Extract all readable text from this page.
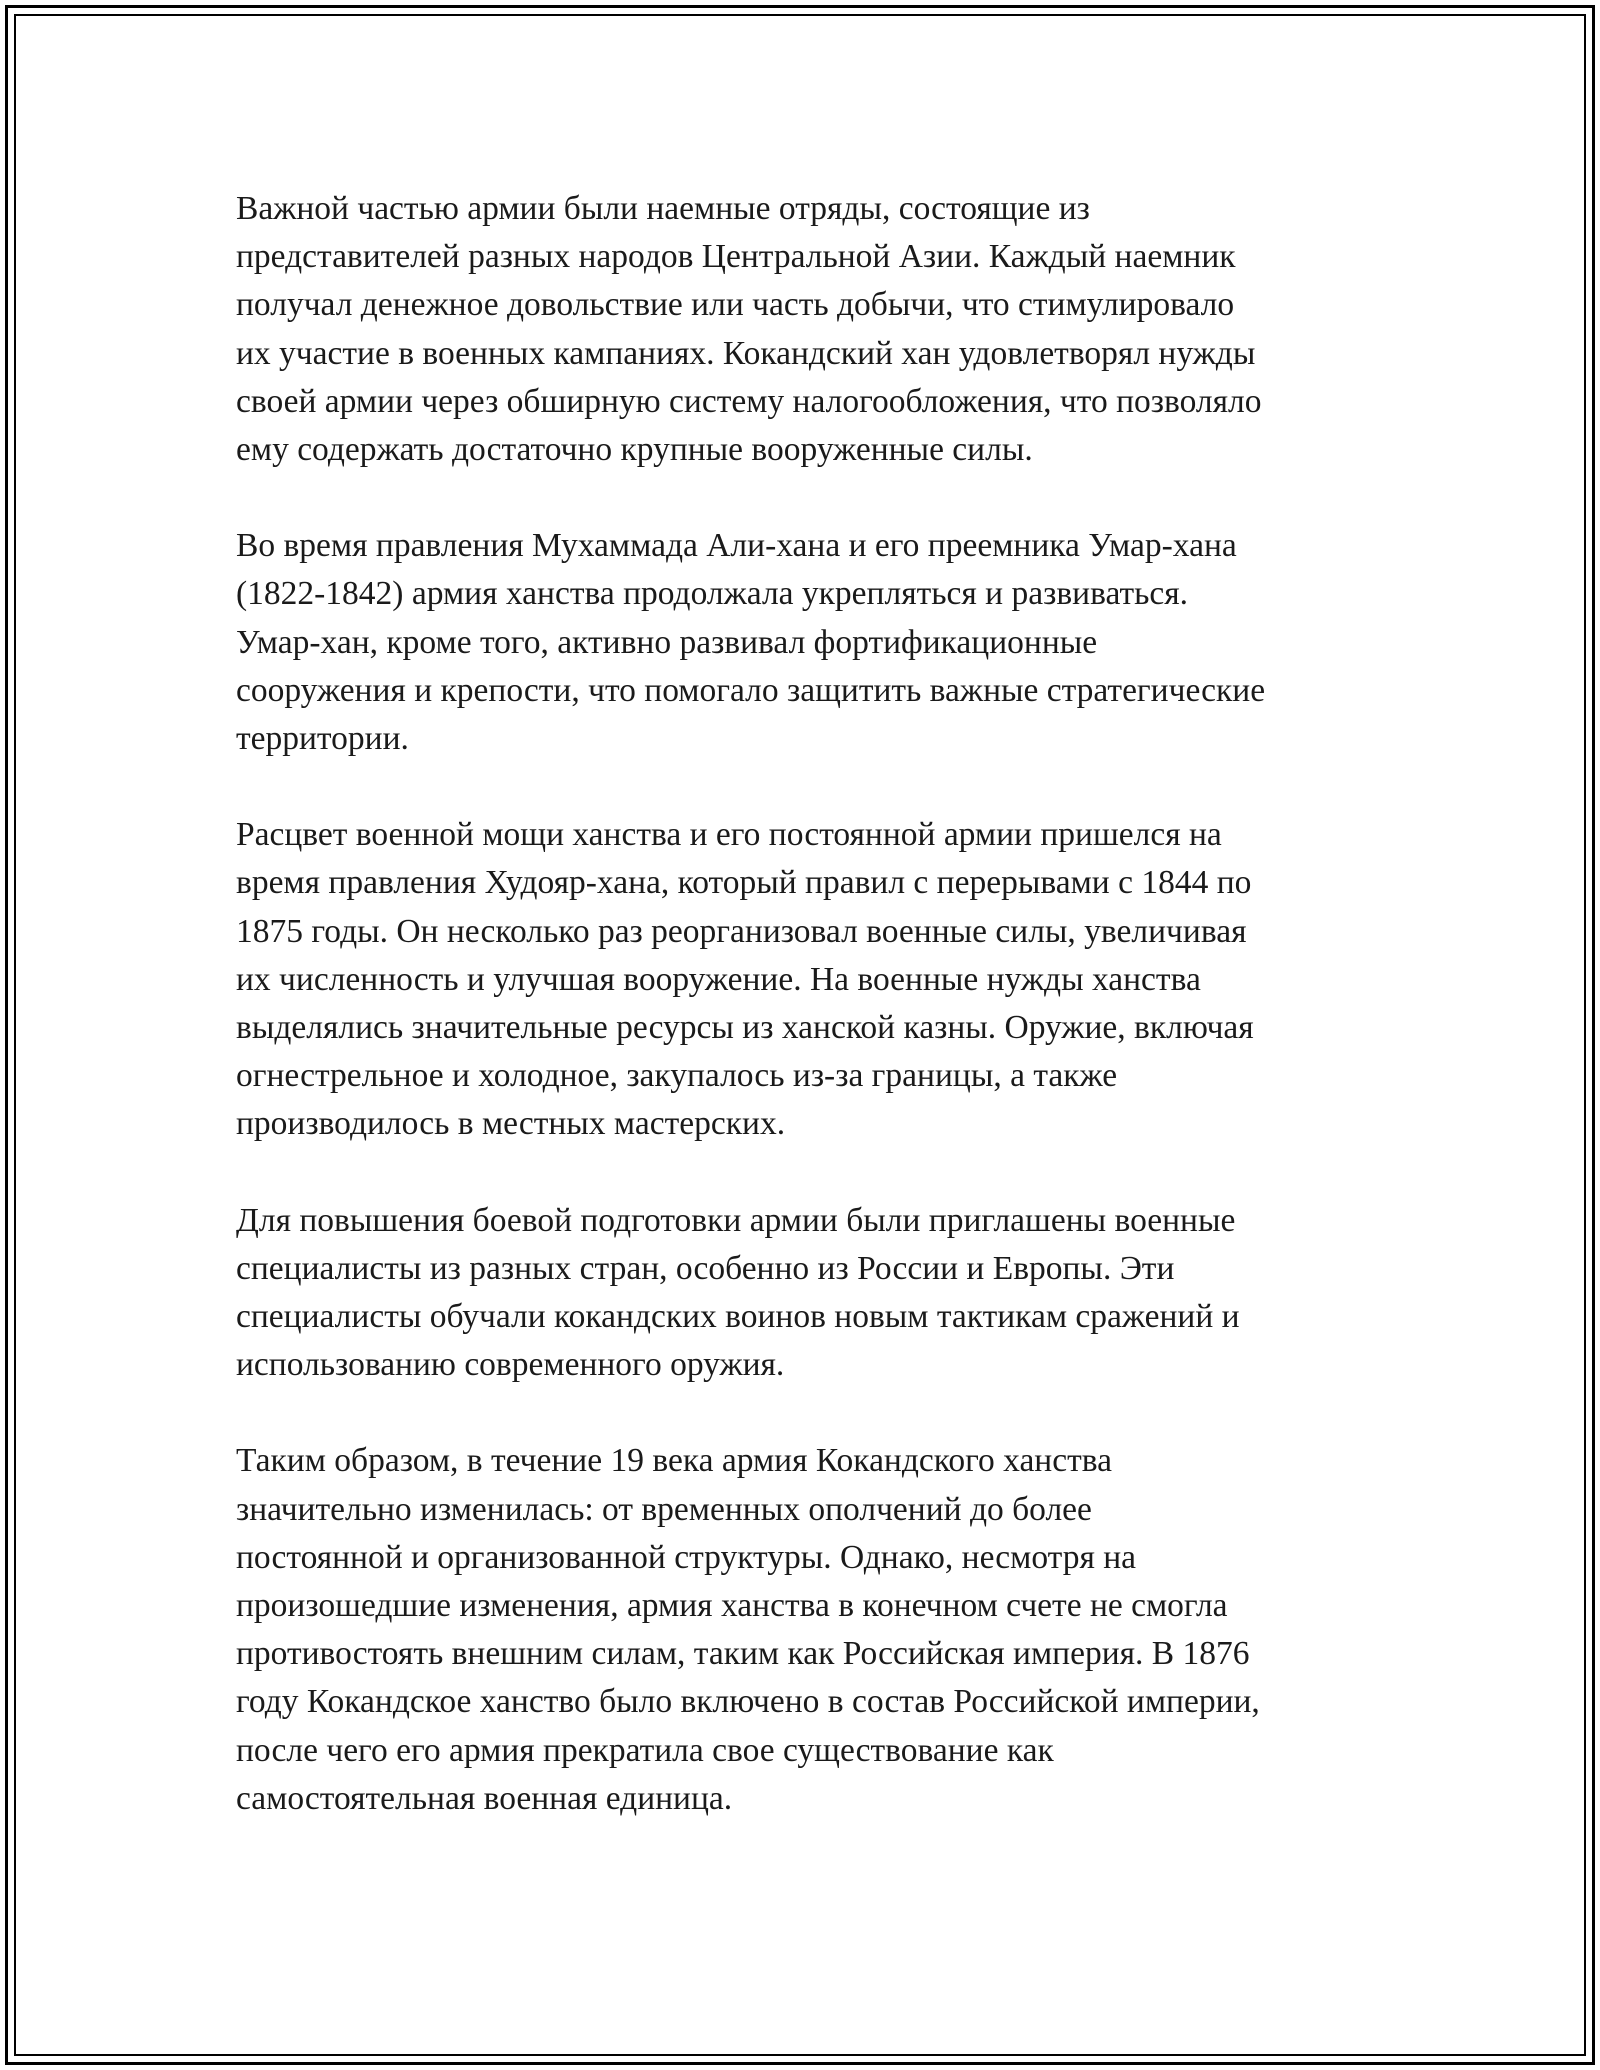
Важной частью армии были наемные отряды, состоящие из
представителей разных народов Центральной Азии. Каждый наемник
получал денежное довольствие или часть добычи, что стимулировало
их участие в военных кампаниях. Кокандский хан удовлетворял нужды
своей армии через обширную систему налогообложения, что позволяло
ему содержать достаточно крупные вооруженные силы.

Во время правления Мухаммада Али-хана и его преемника Умар-хана
(1822-1842) армия ханства продолжала укрепляться и развиваться.
Умар-хан, кроме того, активно развивал фортификационные
сооружения и крепости, что помогало защитить важные стратегические
территории.

Расцвет военной мощи ханства и его постоянной армии пришелся на
время правления Худояр-хана, который правил с перерывами с 1844 по
1875 годы. Он несколько раз реорганизовал военные силы, увеличивая
их численность и улучшая вооружение. На военные нужды ханства
выделялись значительные ресурсы из ханской казны. Оружие, включая
огнестрельное и холодное, закупалось из-за границы, а также
производилось в местных мастерских.

Для повышения боевой подготовки армии были приглашены военные
специалисты из разных стран, особенно из России и Европы. Эти
специалисты обучали кокандских воинов новым тактикам сражений и
использованию современного оружия.

Таким образом, в течение 19 века армия Кокандского ханства
значительно изменилась: от временных ополчений до более
постоянной и организованной структуры. Однако, несмотря на
произошедшие изменения, армия ханства в конечном счете не смогла
противостоять внешним силам, таким как Российская империя. В 1876
году Кокандское ханство было включено в состав Российской империи,
после чего его армия прекратила свое существование как
самостоятельная военная единица.
